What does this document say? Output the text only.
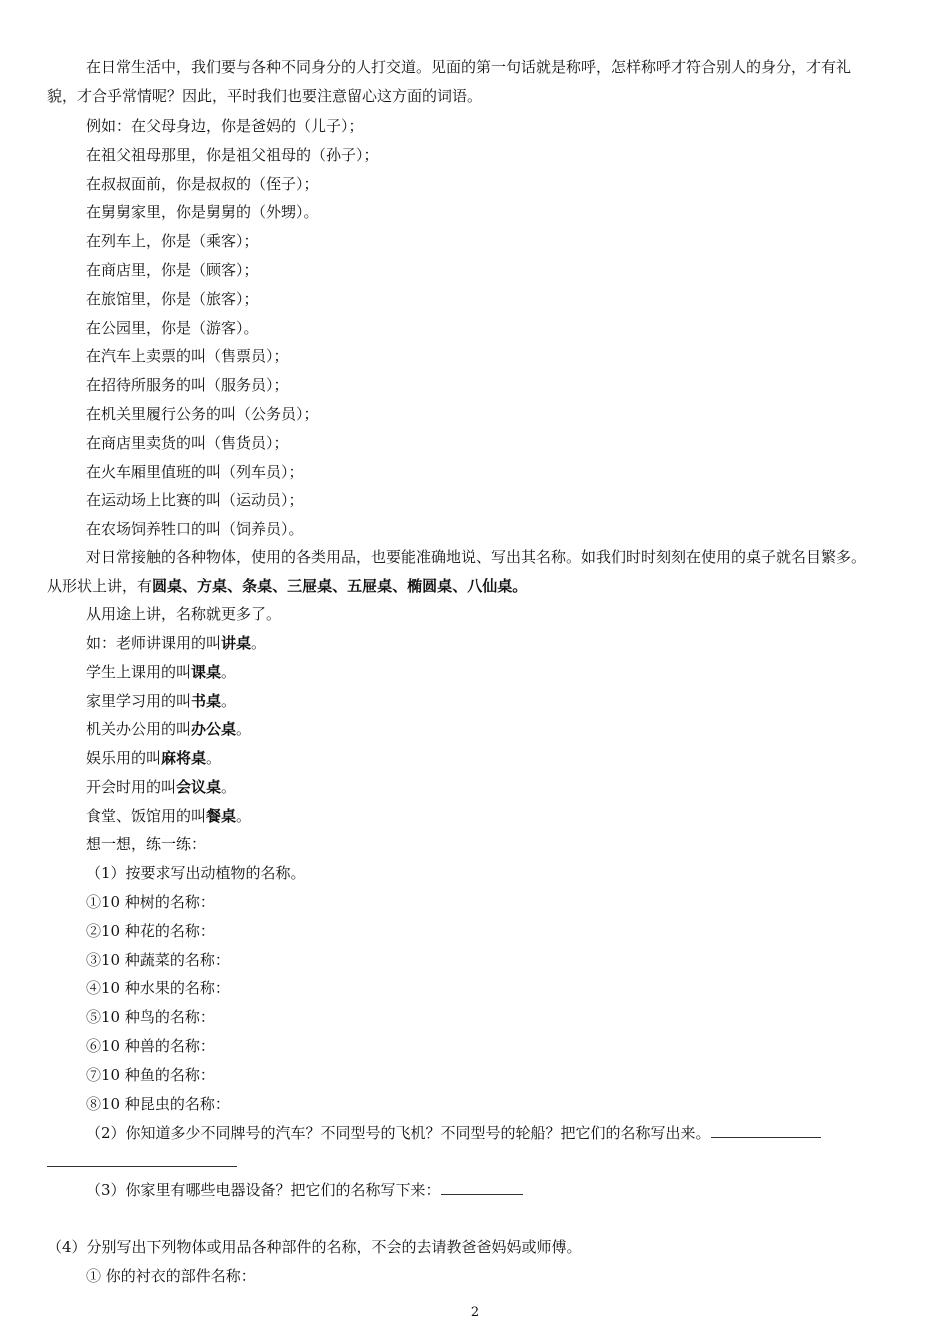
在日常生活中，我们要与各种不同身分的人打交道。见面的第一句话就是称呼，怎样称呼才符合别人的身分，才有礼貌，才合乎常情呢？因此，平时我们也要注意留心这方面的词语。
例如：在父母身边，你是爸妈的（儿子）；
在祖父祖母那里，你是祖父祖母的（孙子）；
在叔叔面前，你是叔叔的（侄子）；
在舅舅家里，你是舅舅的（外甥）。
在列车上，你是（乘客）；
在商店里，你是（顾客）；
在旅馆里，你是（旅客）；
在公园里，你是（游客）。
在汽车上卖票的叫（售票员）；
在招待所服务的叫（服务员）；
在机关里履行公务的叫（公务员）；
在商店里卖货的叫（售货员）；
在火车厢里值班的叫（列车员）；
在运动场上比赛的叫（运动员）；
在农场饲养牲口的叫（饲养员）。
对日常接触的各种物体，使用的各类用品，也要能准确地说、写出其名称。如我们时时刻刻在使用的桌子就名目繁多。从形状上讲，有圆桌、方桌、条桌、三屉桌、五屉桌、椭圆桌、八仙桌。
从用途上讲，名称就更多了。
如：老师讲课用的叫讲桌。
学生上课用的叫课桌。
家里学习用的叫书桌。
机关办公用的叫办公桌。
娱乐用的叫麻将桌。
开会时用的叫会议桌。
食堂、饭馆用的叫餐桌。
想一想，练一练：
（1）按要求写出动植物的名称。
①10 种树的名称：
②10 种花的名称：
③10 种蔬菜的名称：
④10 种水果的名称：
⑤10 种鸟的名称：
⑥10 种兽的名称：
⑦10 种鱼的名称：
⑧10 种昆虫的名称：
（2）你知道多少不同牌号的汽车？不同型号的飞机？不同型号的轮船？把它们的名称写出来。
（3）你家里有哪些电器设备？把它们的名称写下来：
（4）分别写出下列物体或用品各种部件的名称，不会的去请教爸爸妈妈或师傅。
① 你的衬衣的部件名称：
2
